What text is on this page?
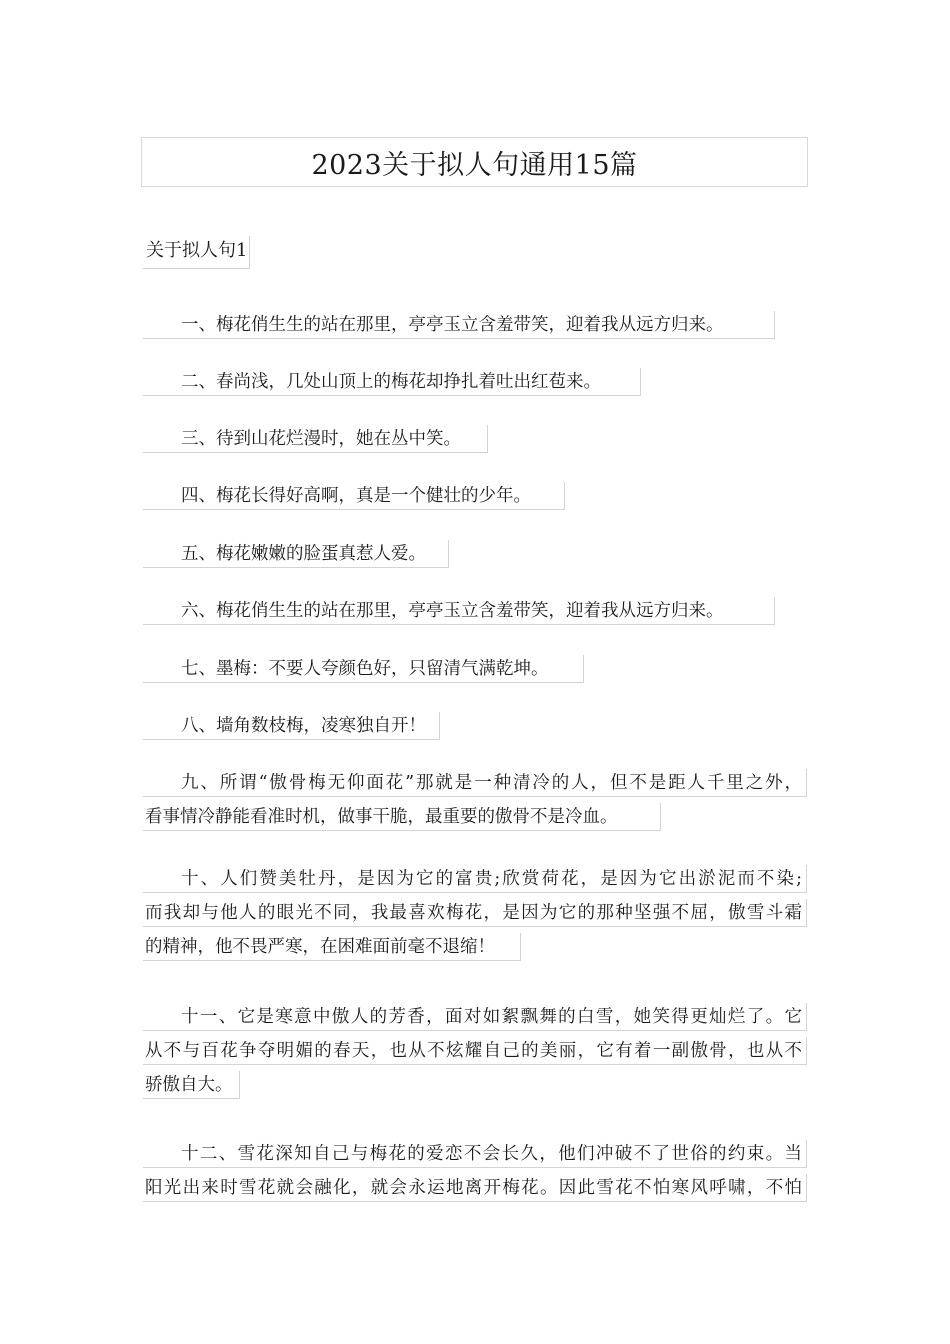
2023关于拟人句通用15篇
关于拟人句1
一、梅花俏生生的站在那里，亭亭玉立含羞带笑，迎着我从远方归来。
二、春尚浅，几处山顶上的梅花却挣扎着吐出红苞来。
三、待到山花烂漫时，她在丛中笑。
四、梅花长得好高啊，真是一个健壮的少年。
五、梅花嫩嫩的脸蛋真惹人爱。
六、梅花俏生生的站在那里，亭亭玉立含羞带笑，迎着我从远方归来。
七、墨梅：不要人夸颜色好，只留清气满乾坤。
八、墙角数枝梅，凌寒独自开！
九、所谓“傲骨梅无仰面花”那就是一种清冷的人，但不是距人千里之外，
看事情冷静能看准时机，做事干脆，最重要的傲骨不是冷血。
十、人们赞美牡丹，是因为它的富贵;欣赏荷花，是因为它出淤泥而不染;
而我却与他人的眼光不同，我最喜欢梅花，是因为它的那种坚强不屈，傲雪斗霜
的精神，他不畏严寒，在困难面前毫不退缩！
十一、它是寒意中傲人的芳香，面对如絮飘舞的白雪，她笑得更灿烂了。它
从不与百花争夺明媚的春天，也从不炫耀自己的美丽，它有着一副傲骨，也从不
骄傲自大。
十二、雪花深知自己与梅花的爱恋不会长久，他们冲破不了世俗的约束。当
阳光出来时雪花就会融化，就会永运地离开梅花。因此雪花不怕寒风呼啸，不怕
